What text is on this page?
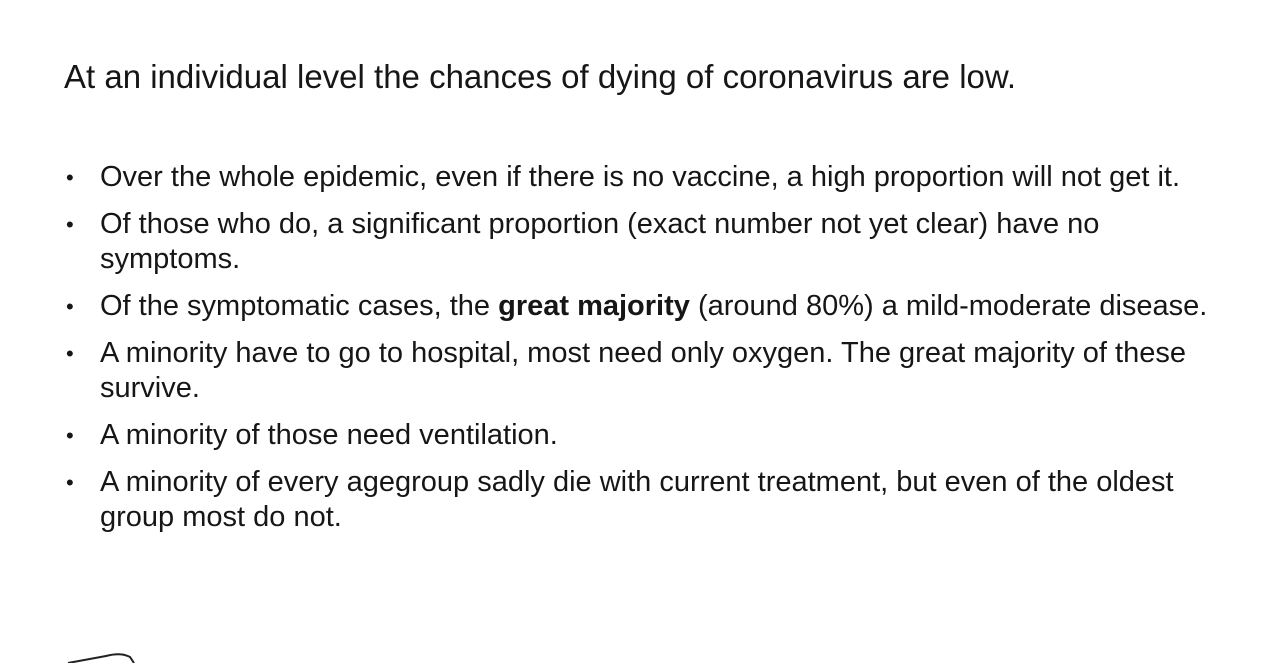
At an individual level the chances of dying of coronavirus are low.
• Over the whole epidemic, even if there is no vaccine, a high proportion will not get it.
• Of those who do, a significant proportion (exact number not yet clear) have no symptoms.
• Of the symptomatic cases, the great majority (around 80%) a mild-moderate disease.
• A minority have to go to hospital, most need only oxygen. The great majority of these survive.
• A minority of those need ventilation.
• A minority of every agegroup sadly die with current treatment, but even of the oldest group most do not.
